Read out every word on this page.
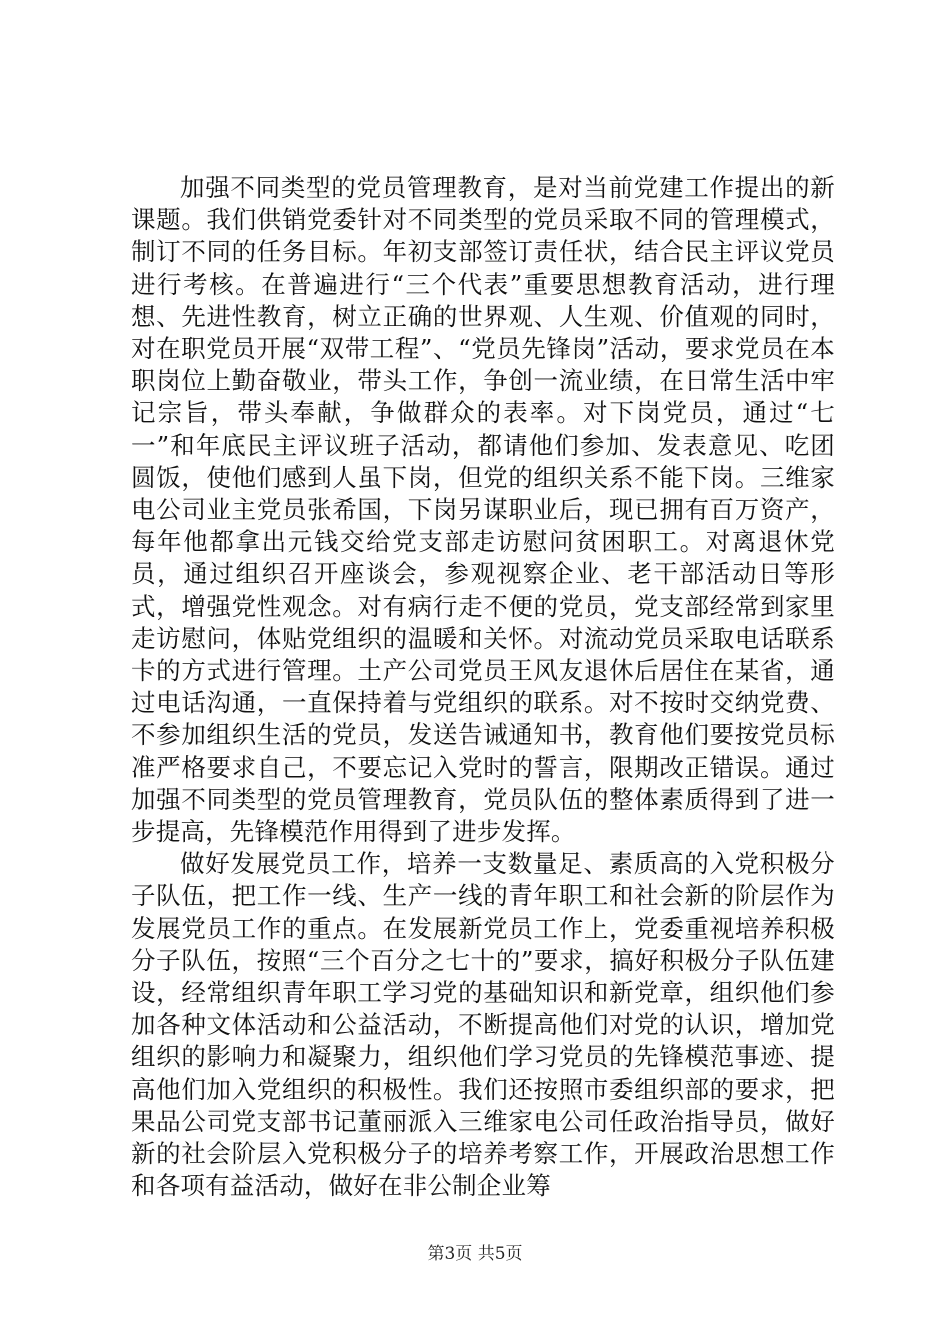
加强不同类型的党员管理教育，是对当前党建工作提出的新课题。我们供销党委针对不同类型的党员采取不同的管理模式，制订不同的任务目标。年初支部签订责任状，结合民主评议党员进行考核。在普遍进行“三个代表”重要思想教育活动，进行理想、先进性教育，树立正确的世界观、人生观、价值观的同时，对在职党员开展“双带工程”、“党员先锋岗”活动，要求党员在本职岗位上勤奋敬业，带头工作，争创一流业绩，在日常生活中牢记宗旨，带头奉献，争做群众的表率。对下岗党员，通过“七一”和年底民主评议班子活动，都请他们参加、发表意见、吃团圆饭，使他们感到人虽下岗，但党的组织关系不能下岗。三维家电公司业主党员张希国，下岗另谋职业后，现已拥有百万资产，每年他都拿出元钱交给党支部走访慰问贫困职工。对离退休党员，通过组织召开座谈会，参观视察企业、老干部活动日等形式，增强党性观念。对有病行走不便的党员，党支部经常到家里走访慰问，体贴党组织的温暖和关怀。对流动党员采取电话联系卡的方式进行管理。土产公司党员王风友退休后居住在某省，通过电话沟通，一直保持着与党组织的联系。对不按时交纳党费、不参加组织生活的党员，发送告诫通知书，教育他们要按党员标准严格要求自己，不要忘记入党时的誓言，限期改正错误。通过加强不同类型的党员管理教育，党员队伍的整体素质得到了进一步提高，先锋模范作用得到了进步发挥。

做好发展党员工作，培养一支数量足、素质高的入党积极分子队伍，把工作一线、生产一线的青年职工和社会新的阶层作为发展党员工作的重点。在发展新党员工作上，党委重视培养积极分子队伍，按照“三个百分之七十的”要求，搞好积极分子队伍建设，经常组织青年职工学习党的基础知识和新党章，组织他们参加各种文体活动和公益活动，不断提高他们对党的认识，增加党组织的影响力和凝聚力，组织他们学习党员的先锋模范事迹、提高他们加入党组织的积极性。我们还按照市委组织部的要求，把果品公司党支部书记董丽派入三维家电公司任政治指导员，做好新的社会阶层入党积极分子的培养考察工作，开展政治思想工作和各项有益活动，做好在非公制企业筹

第3页 共5页
